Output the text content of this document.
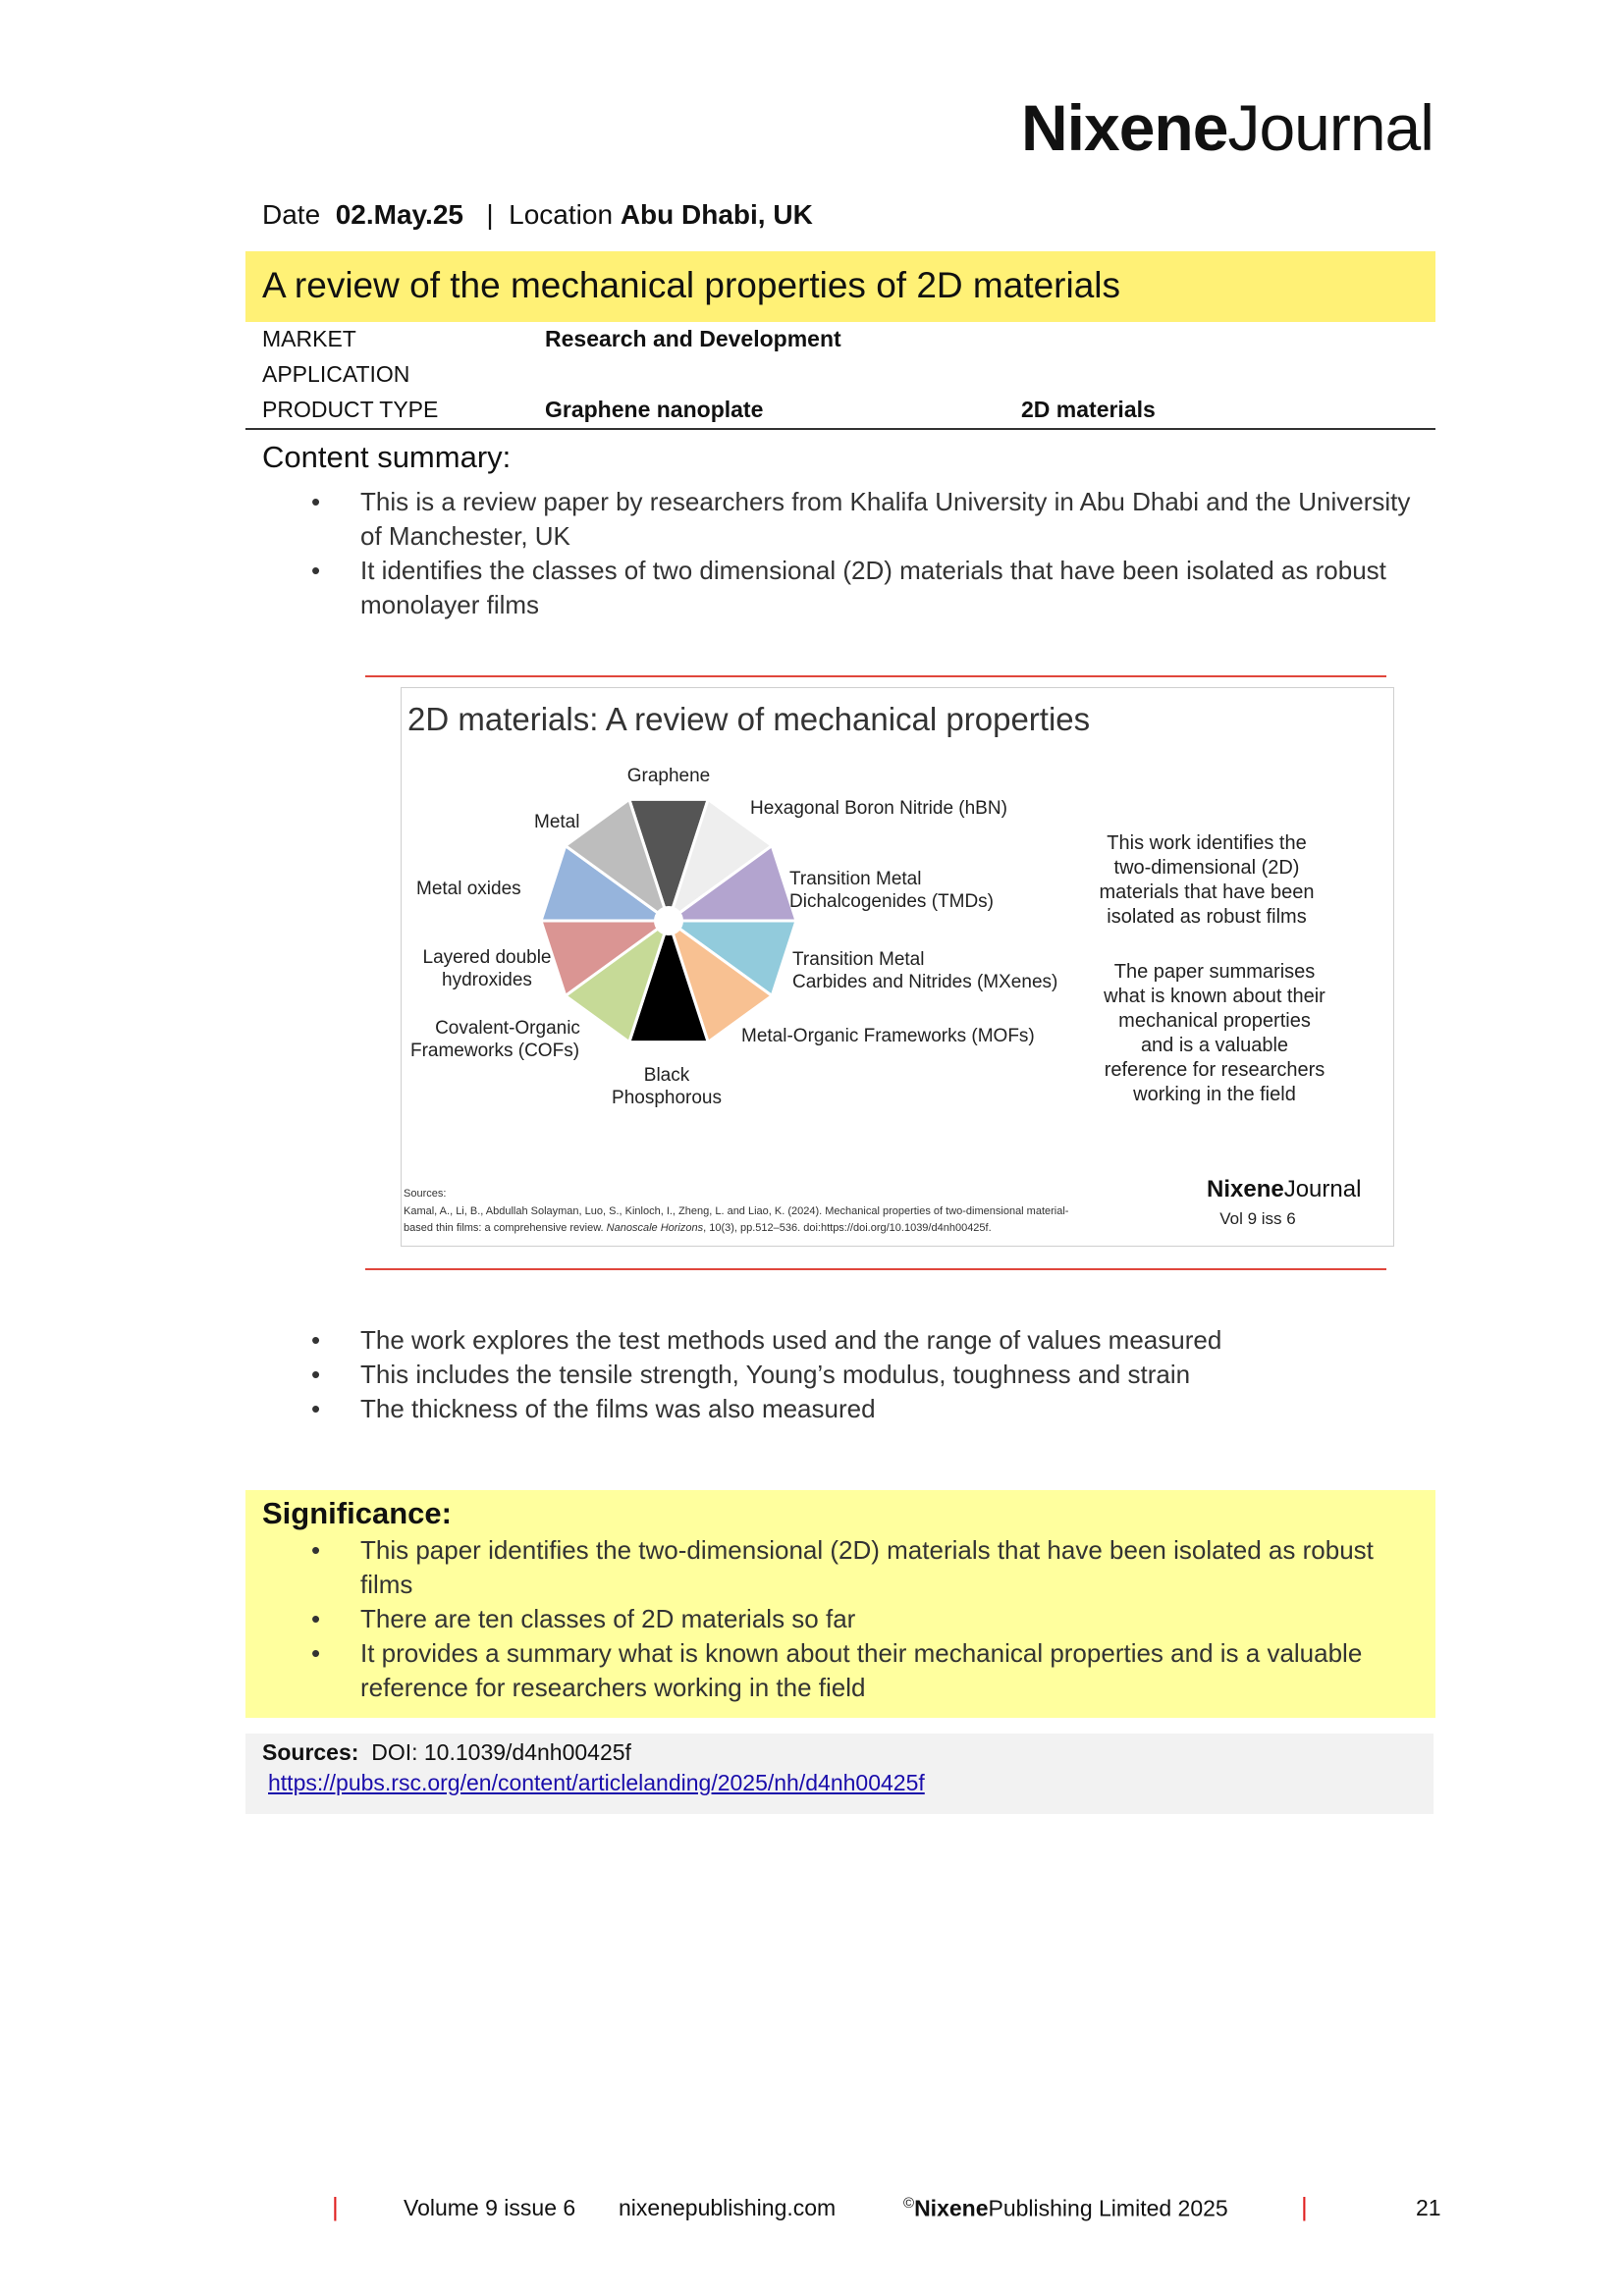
NixeneJournal
Date 02.May.25 | Location Abu Dhabi, UK
A review of the mechanical properties of 2D materials
MARKET	Research and Development
APPLICATION
PRODUCT TYPE	Graphene nanoplate	2D materials
Content summary:
• This is a review paper by researchers from Khalifa University in Abu Dhabi and the University of Manchester, UK
• It identifies the classes of two dimensional (2D) materials that have been isolated as robust monolayer films
2D materials: A review of mechanical properties
Graphene
Hexagonal Boron Nitride (hBN)
Transition Metal
Dichalcogenides (TMDs)
Transition Metal
Carbides and Nitrides (MXenes)
Metal-Organic Frameworks (MOFs)
Black
Phosphorous
Covalent-Organic
Frameworks (COFs)
Layered double
hydroxides
Metal oxides
Metal
This work identifies the
two-dimensional (2D)
materials that have been
isolated as robust films
The paper summarises
what is known about their
mechanical properties
and is a valuable
reference for researchers
working in the field
Sources:
Kamal, A., Li, B., Abdullah Solayman, Luo, S., Kinloch, I., Zheng, L. and Liao, K. (2024). Mechanical properties of two-dimensional material-
based thin films: a comprehensive review. Nanoscale Horizons, 10(3), pp.512–536. doi:https://doi.org/10.1039/d4nh00425f.
NixeneJournal
Vol 9 iss 6
• The work explores the test methods used and the range of values measured
• This includes the tensile strength, Young’s modulus, toughness and strain
• The thickness of the films was also measured
Significance:
• This paper identifies the two-dimensional (2D) materials that have been isolated as robust films
• There are ten classes of 2D materials so far
• It provides a summary what is known about their mechanical properties and is a valuable reference for researchers working in the field
Sources: DOI: 10.1039/d4nh00425f
https://pubs.rsc.org/en/content/articlelanding/2025/nh/d4nh00425f
|	Volume 9 issue 6 nixenepublishing.com	©NixenePublishing Limited 2025	|	21
